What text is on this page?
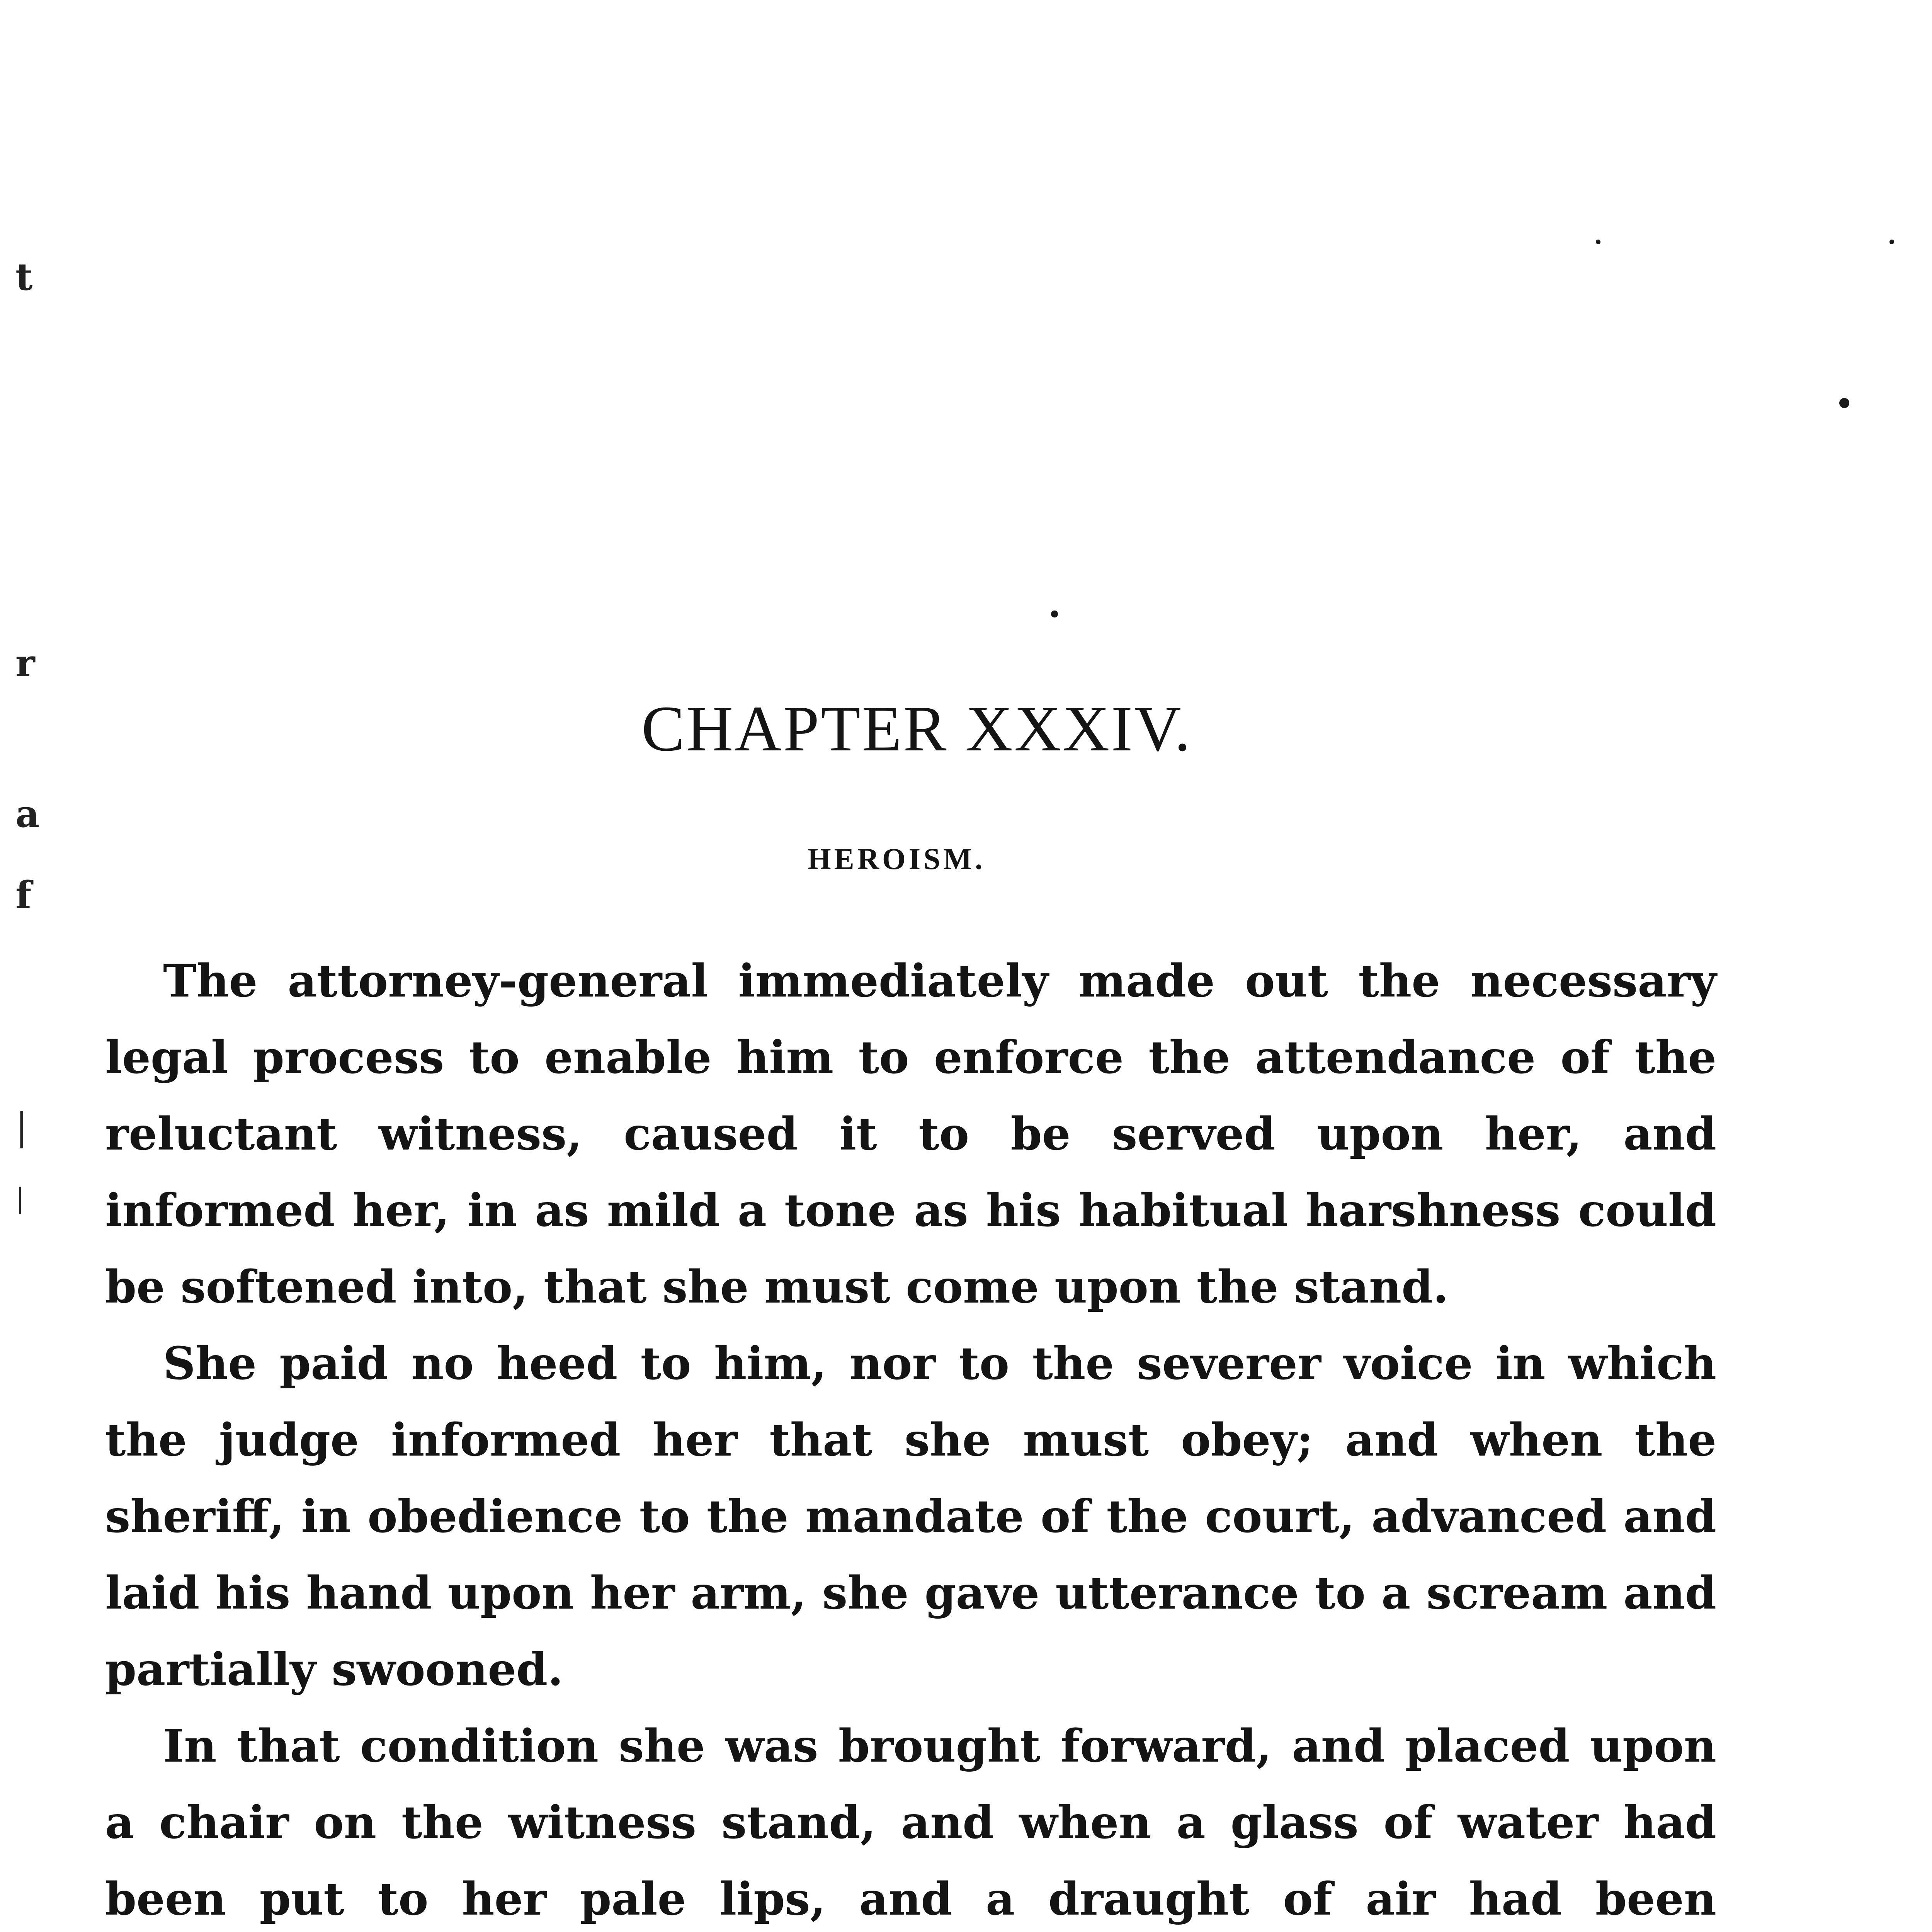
t
r
a
f
|
|
CHAPTER XXXIV.
HEROISM.

The attorney-general immediately made out the necessary legal process to enable him to enforce the attendance of the reluctant witness, caused it to be served upon her, and informed her, in as mild a tone as his habitual harshness could be softened into, that she must come upon the stand.

She paid no heed to him, nor to the severer voice in which the judge informed her that she must obey; and when the sheriff, in obedience to the mandate of the court, advanced and laid his hand upon her arm, she gave utterance to a scream and partially swooned.

In that condition she was brought forward, and placed upon a chair on the witness stand, and when a glass of water had been put to her pale lips, and a draught of air had been
